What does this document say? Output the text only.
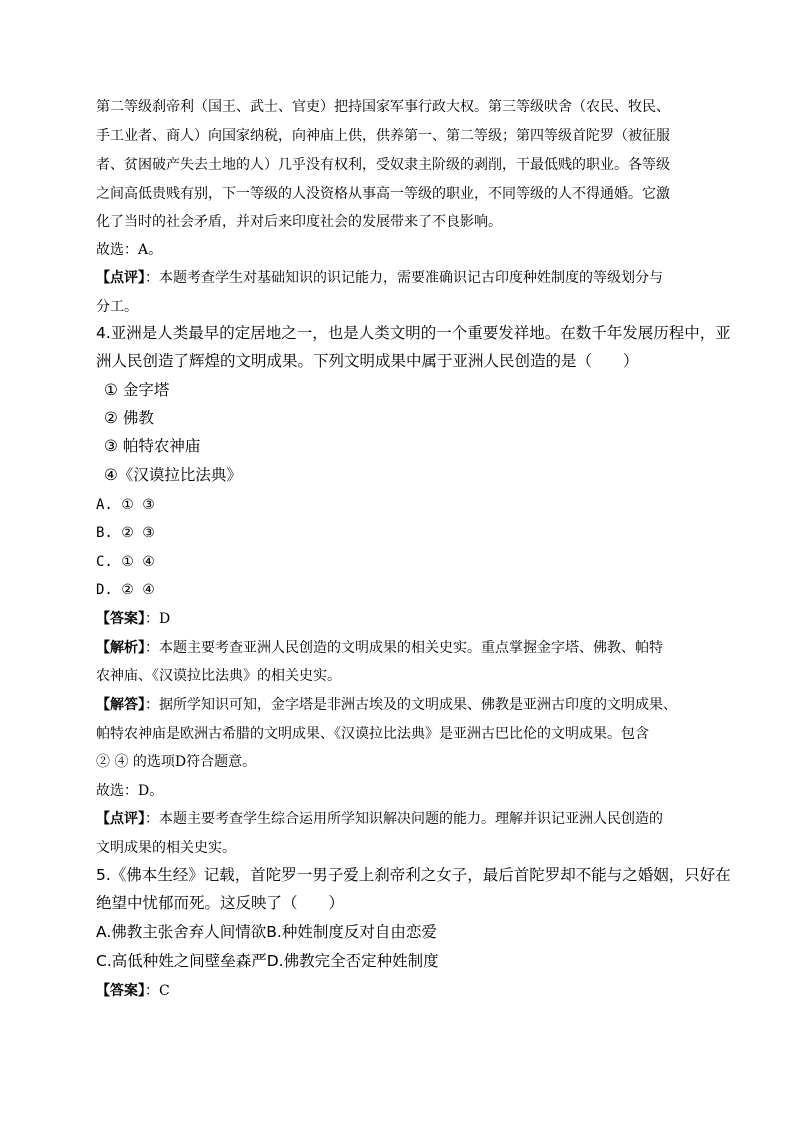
第二等级刹帝利（国王、武士、官吏）把持国家军事行政大权。第三等级吠舍（农民、牧民、
手工业者、商人）向国家纳税，向神庙上供，供养第一、第二等级；第四等级首陀罗（被征服
者、贫困破产失去土地的人）几乎没有权利，受奴隶主阶级的剥削，干最低贱的职业。各等级
之间高低贵贱有别，下一等级的人没资格从事高一等级的职业，不同等级的人不得通婚。它激
化了当时的社会矛盾，并对后来印度社会的发展带来了不良影响。
故选：A。
【点评】：本题考查学生对基础知识的识记能力，需要准确识记古印度种姓制度的等级划分与
分工。
4.亚洲是人类最早的定居地之一，也是人类文明的一个重要发祥地。在数千年发展历程中，亚
洲人民创造了辉煌的文明成果。下列文明成果中属于亚洲人民创造的是（　　）
① 金字塔
② 佛教
③ 帕特农神庙
④《汉谟拉比法典》
A. ① ③
B. ② ③
C. ① ④
D. ② ④
【答案】：D
【解析】：本题主要考查亚洲人民创造的文明成果的相关史实。重点掌握金字塔、佛教、帕特
农神庙、《汉谟拉比法典》的相关史实。
【解答】：据所学知识可知，金字塔是非洲古埃及的文明成果、佛教是亚洲古印度的文明成果、
帕特农神庙是欧洲古希腊的文明成果、《汉谟拉比法典》是亚洲古巴比伦的文明成果。包含
② ④ 的选项D符合题意。
故选：D。
【点评】：本题主要考查学生综合运用所学知识解决问题的能力。理解并识记亚洲人民创造的
文明成果的相关史实。
5.《佛本生经》记载，首陀罗一男子爱上刹帝利之女子，最后首陀罗却不能与之婚姻，只好在
绝望中忧郁而死。这反映了（　　）
A.佛教主张舍弃人间情欲B.种姓制度反对自由恋爱
C.高低种姓之间壁垒森严D.佛教完全否定种姓制度
【答案】：C
